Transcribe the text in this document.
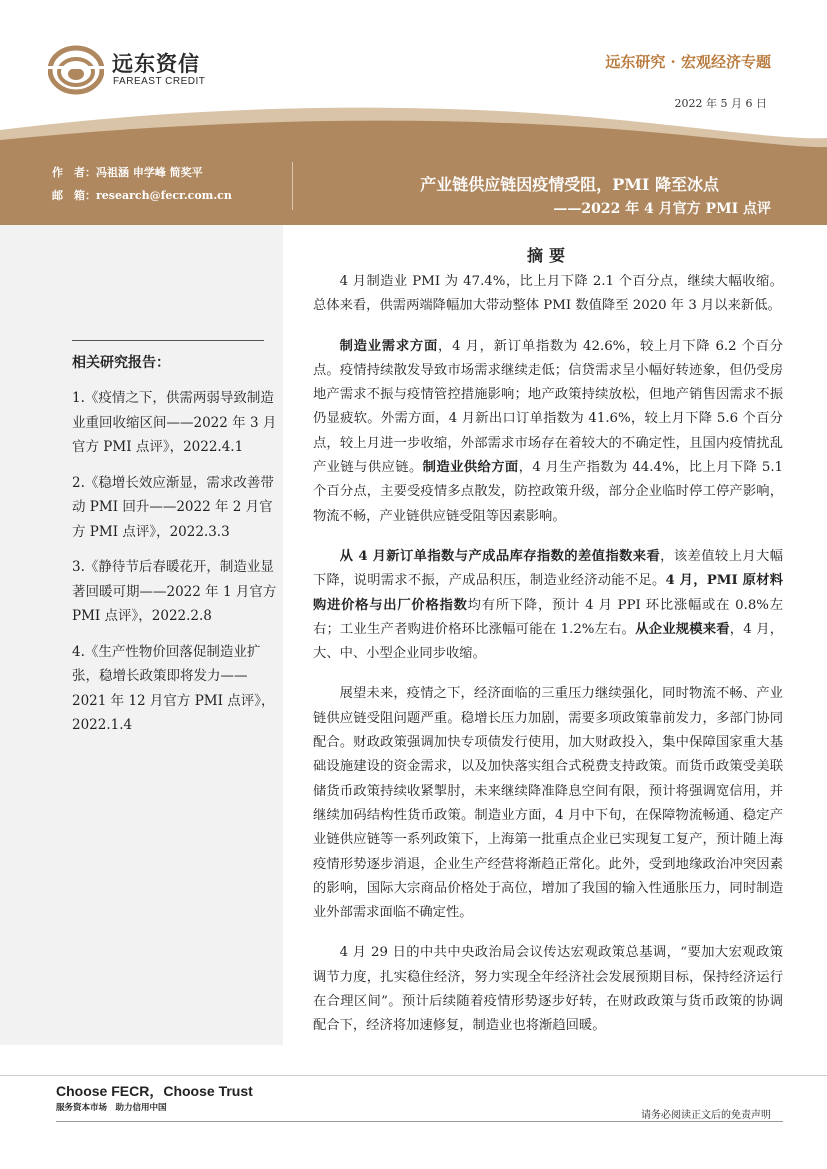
远东资信
FAREAST CREDIT
远东研究 · 宏观经济专题
2022 年 5 月 6 日
作　者：冯祖涵 申学峰 简奖平
邮　箱：research@fecr.com.cn
产业链供应链因疫情受阻，PMI 降至冰点
——2022 年 4 月官方 PMI 点评
相关研究报告：
1.《疫情之下，供需两弱导致制造业重回收缩区间——2022 年 3 月官方 PMI 点评》，2022.4.1
2.《稳增长效应渐显，需求改善带动 PMI 回升——2022 年 2 月官方 PMI 点评》，2022.3.3
3.《静待节后春暖花开，制造业显著回暖可期——2022 年 1 月官方 PMI 点评》，2022.2.8
4.《生产性物价回落促制造业扩张，稳增长政策即将发力——2021 年 12 月官方 PMI 点评》，2022.1.4
摘要

4 月制造业 PMI 为 47.4%，比上月下降 2.1 个百分点，继续大幅收缩。总体来看，供需两端降幅加大带动整体 PMI 数值降至 2020 年 3 月以来新低。

制造业需求方面，4 月，新订单指数为 42.6%，较上月下降 6.2 个百分点。疫情持续散发导致市场需求继续走低；信贷需求呈小幅好转迹象，但仍受房地产需求不振与疫情管控措施影响；地产政策持续放松，但地产销售因需求不振仍显疲软。外需方面，4 月新出口订单指数为 41.6%，较上月下降 5.6 个百分点，较上月进一步收缩，外部需求市场存在着较大的不确定性，且国内疫情扰乱产业链与供应链。制造业供给方面，4 月生产指数为 44.4%，比上月下降 5.1 个百分点，主要受疫情多点散发，防控政策升级，部分企业临时停工停产影响，物流不畅，产业链供应链受阻等因素影响。

从 4 月新订单指数与产成品库存指数的差值指数来看，该差值较上月大幅下降，说明需求不振，产成品积压，制造业经济动能不足。4 月，PMI 原材料购进价格与出厂价格指数均有所下降，预计 4 月 PPI 环比涨幅或在 0.8%左右；工业生产者购进价格环比涨幅可能在 1.2%左右。从企业规模来看，4 月，大、中、小型企业同步收缩。

展望未来，疫情之下，经济面临的三重压力继续强化，同时物流不畅、产业链供应链受阻问题严重。稳增长压力加剧，需要多项政策靠前发力，多部门协同配合。财政政策强调加快专项债发行使用，加大财政投入，集中保障国家重大基础设施建设的资金需求，以及加快落实组合式税费支持政策。而货币政策受美联储货币政策持续收紧掣肘，未来继续降准降息空间有限，预计将强调宽信用，并继续加码结构性货币政策。制造业方面，4 月中下旬，在保障物流畅通、稳定产业链供应链等一系列政策下，上海第一批重点企业已实现复工复产，预计随上海疫情形势逐步消退，企业生产经营将渐趋正常化。此外，受到地缘政治冲突因素的影响，国际大宗商品价格处于高位，增加了我国的输入性通胀压力，同时制造业外部需求面临不确定性。

4 月 29 日的中共中央政治局会议传达宏观政策总基调，“要加大宏观政策调节力度，扎实稳住经济，努力实现全年经济社会发展预期目标，保持经济运行在合理区间”。预计后续随着疫情形势逐步好转，在财政政策与货币政策的协调配合下，经济将加速修复，制造业也将渐趋回暖。

Choose FECR，Choose Trust
服务资本市场　助力信用中国
请务必阅读正文后的免责声明
